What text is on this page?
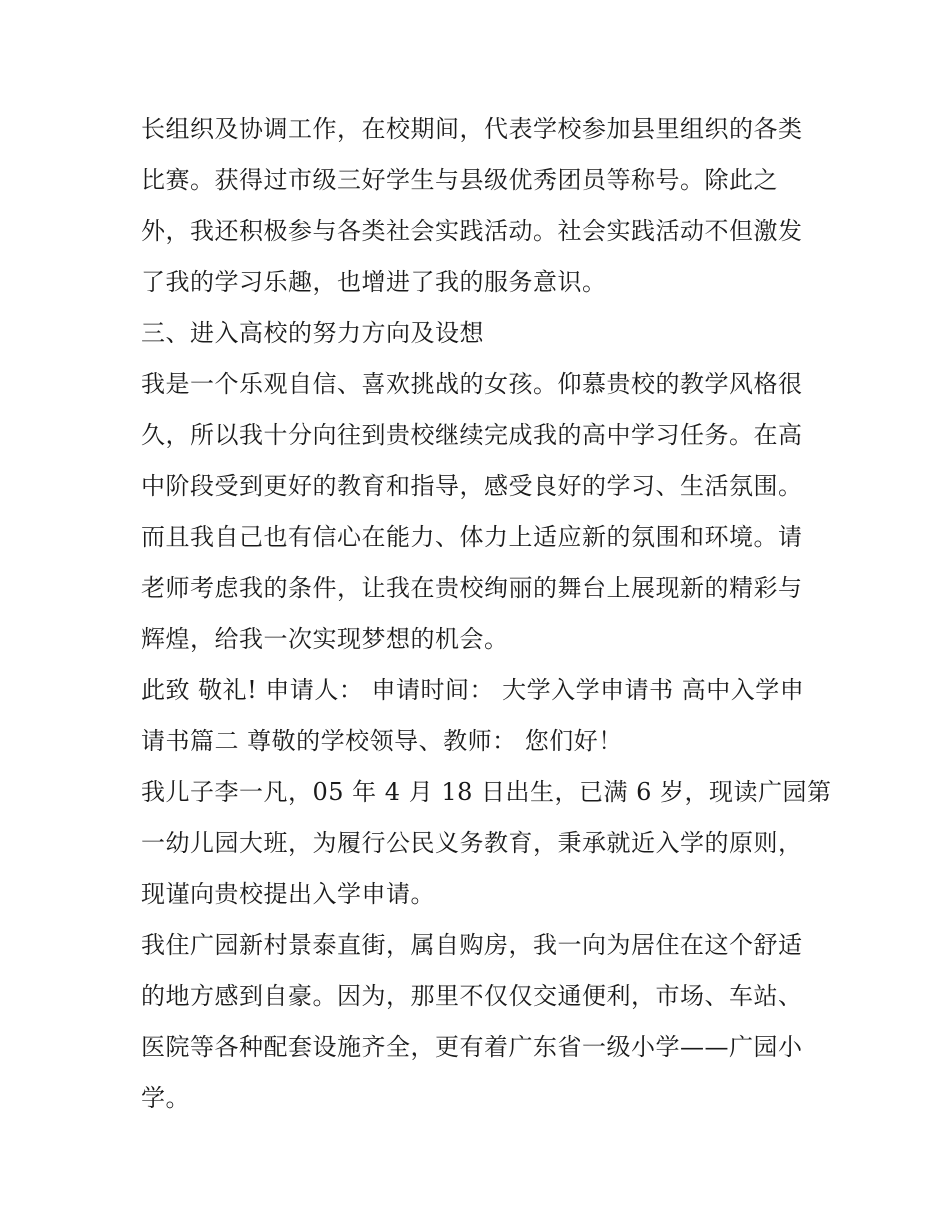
长组织及协调工作，在校期间，代表学校参加县里组织的各类
比赛。获得过市级三好学生与县级优秀团员等称号。除此之
外，我还积极参与各类社会实践活动。社会实践活动不但激发
了我的学习乐趣，也增进了我的服务意识。
三、进入高校的努力方向及设想
我是一个乐观自信、喜欢挑战的女孩。仰慕贵校的教学风格很
久，所以我十分向往到贵校继续完成我的高中学习任务。在高
中阶段受到更好的教育和指导，感受良好的学习、生活氛围。
而且我自己也有信心在能力、体力上适应新的氛围和环境。请
老师考虑我的条件，让我在贵校绚丽的舞台上展现新的精彩与
辉煌，给我一次实现梦想的机会。
此致 敬礼! 申请人： 申请时间： 大学入学申请书 高中入学申
请书篇二 尊敬的学校领导、教师： 您们好！
我儿子李一凡，05 年 4 月 18 日出生，已满 6 岁，现读广园第
一幼儿园大班，为履行公民义务教育，秉承就近入学的原则，
现谨向贵校提出入学申请。
我住广园新村景泰直街，属自购房，我一向为居住在这个舒适
的地方感到自豪。因为，那里不仅仅交通便利，市场、车站、
医院等各种配套设施齐全，更有着广东省一级小学——广园小
学。
